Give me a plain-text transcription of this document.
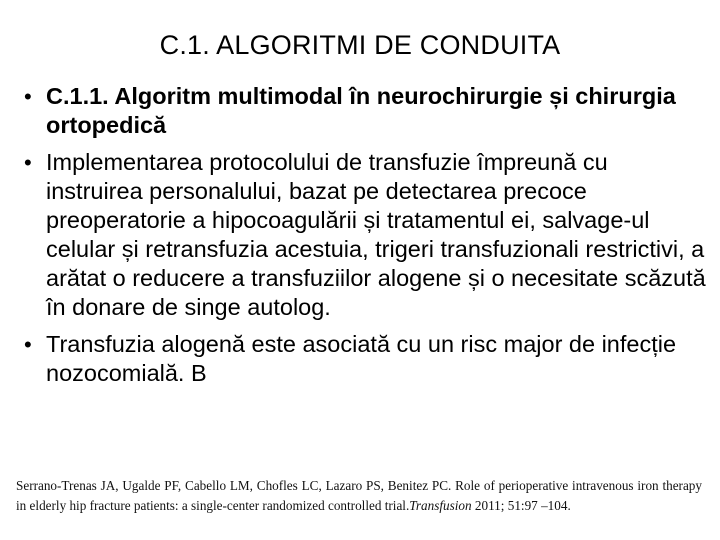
C.1. ALGORITMI DE CONDUITA
• C.1.1. Algoritm multimodal în neurochirurgie și chirurgia ortopedică
• Implementarea protocolului de transfuzie împreună cu instruirea personalului, bazat pe detectarea precoce preoperatorie a hipocoagulării și tratamentul ei, salvage-ul celular și retransfuzia acestuia, trigeri transfuzionali restrictivi, a arătat o reducere a transfuziilor alogene și o necesitate scăzută în donare de singe autolog.
• Transfuzia alogenă este asociată cu un risc major de infecție nozocomială. B
Serrano-Trenas JA, Ugalde PF, Cabello LM, Chofles LC, Lazaro PS, Benitez PC. Role of perioperative intravenous iron therapy in elderly hip fracture patients: a single-center randomized controlled trial.Transfusion 2011; 51:97 –104.
